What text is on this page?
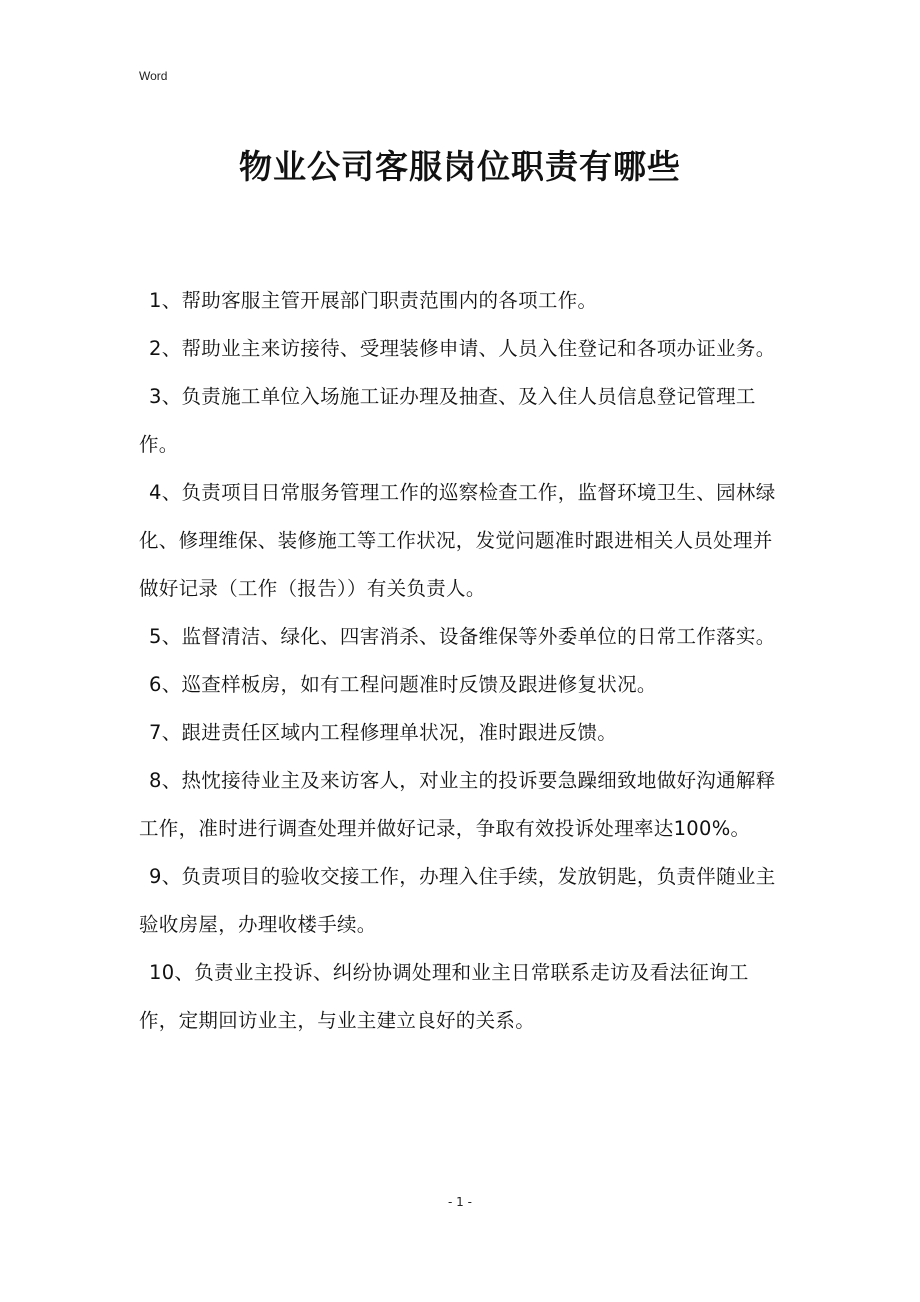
Word
物业公司客服岗位职责有哪些

1、帮助客服主管开展部门职责范围内的各项工作。

2、帮助业主来访接待、受理装修申请、人员入住登记和各项办证业务。

3、负责施工单位入场施工证办理及抽查、及入住人员信息登记管理工作。

4、负责项目日常服务管理工作的巡察检查工作，监督环境卫生、园林绿化、修理维保、装修施工等工作状况，发觉问题准时跟进相关人员处理并做好记录（工作（报告））有关负责人。

5、监督清洁、绿化、四害消杀、设备维保等外委单位的日常工作落实。

6、巡查样板房，如有工程问题准时反馈及跟进修复状况。

7、跟进责任区域内工程修理单状况，准时跟进反馈。

8、热忱接待业主及来访客人，对业主的投诉要急躁细致地做好沟通解释工作，准时进行调查处理并做好记录，争取有效投诉处理率达100%。

9、负责项目的验收交接工作，办理入住手续，发放钥匙，负责伴随业主验收房屋，办理收楼手续。

10、负责业主投诉、纠纷协调处理和业主日常联系走访及看法征询工作，定期回访业主，与业主建立良好的关系。

- 1 -
